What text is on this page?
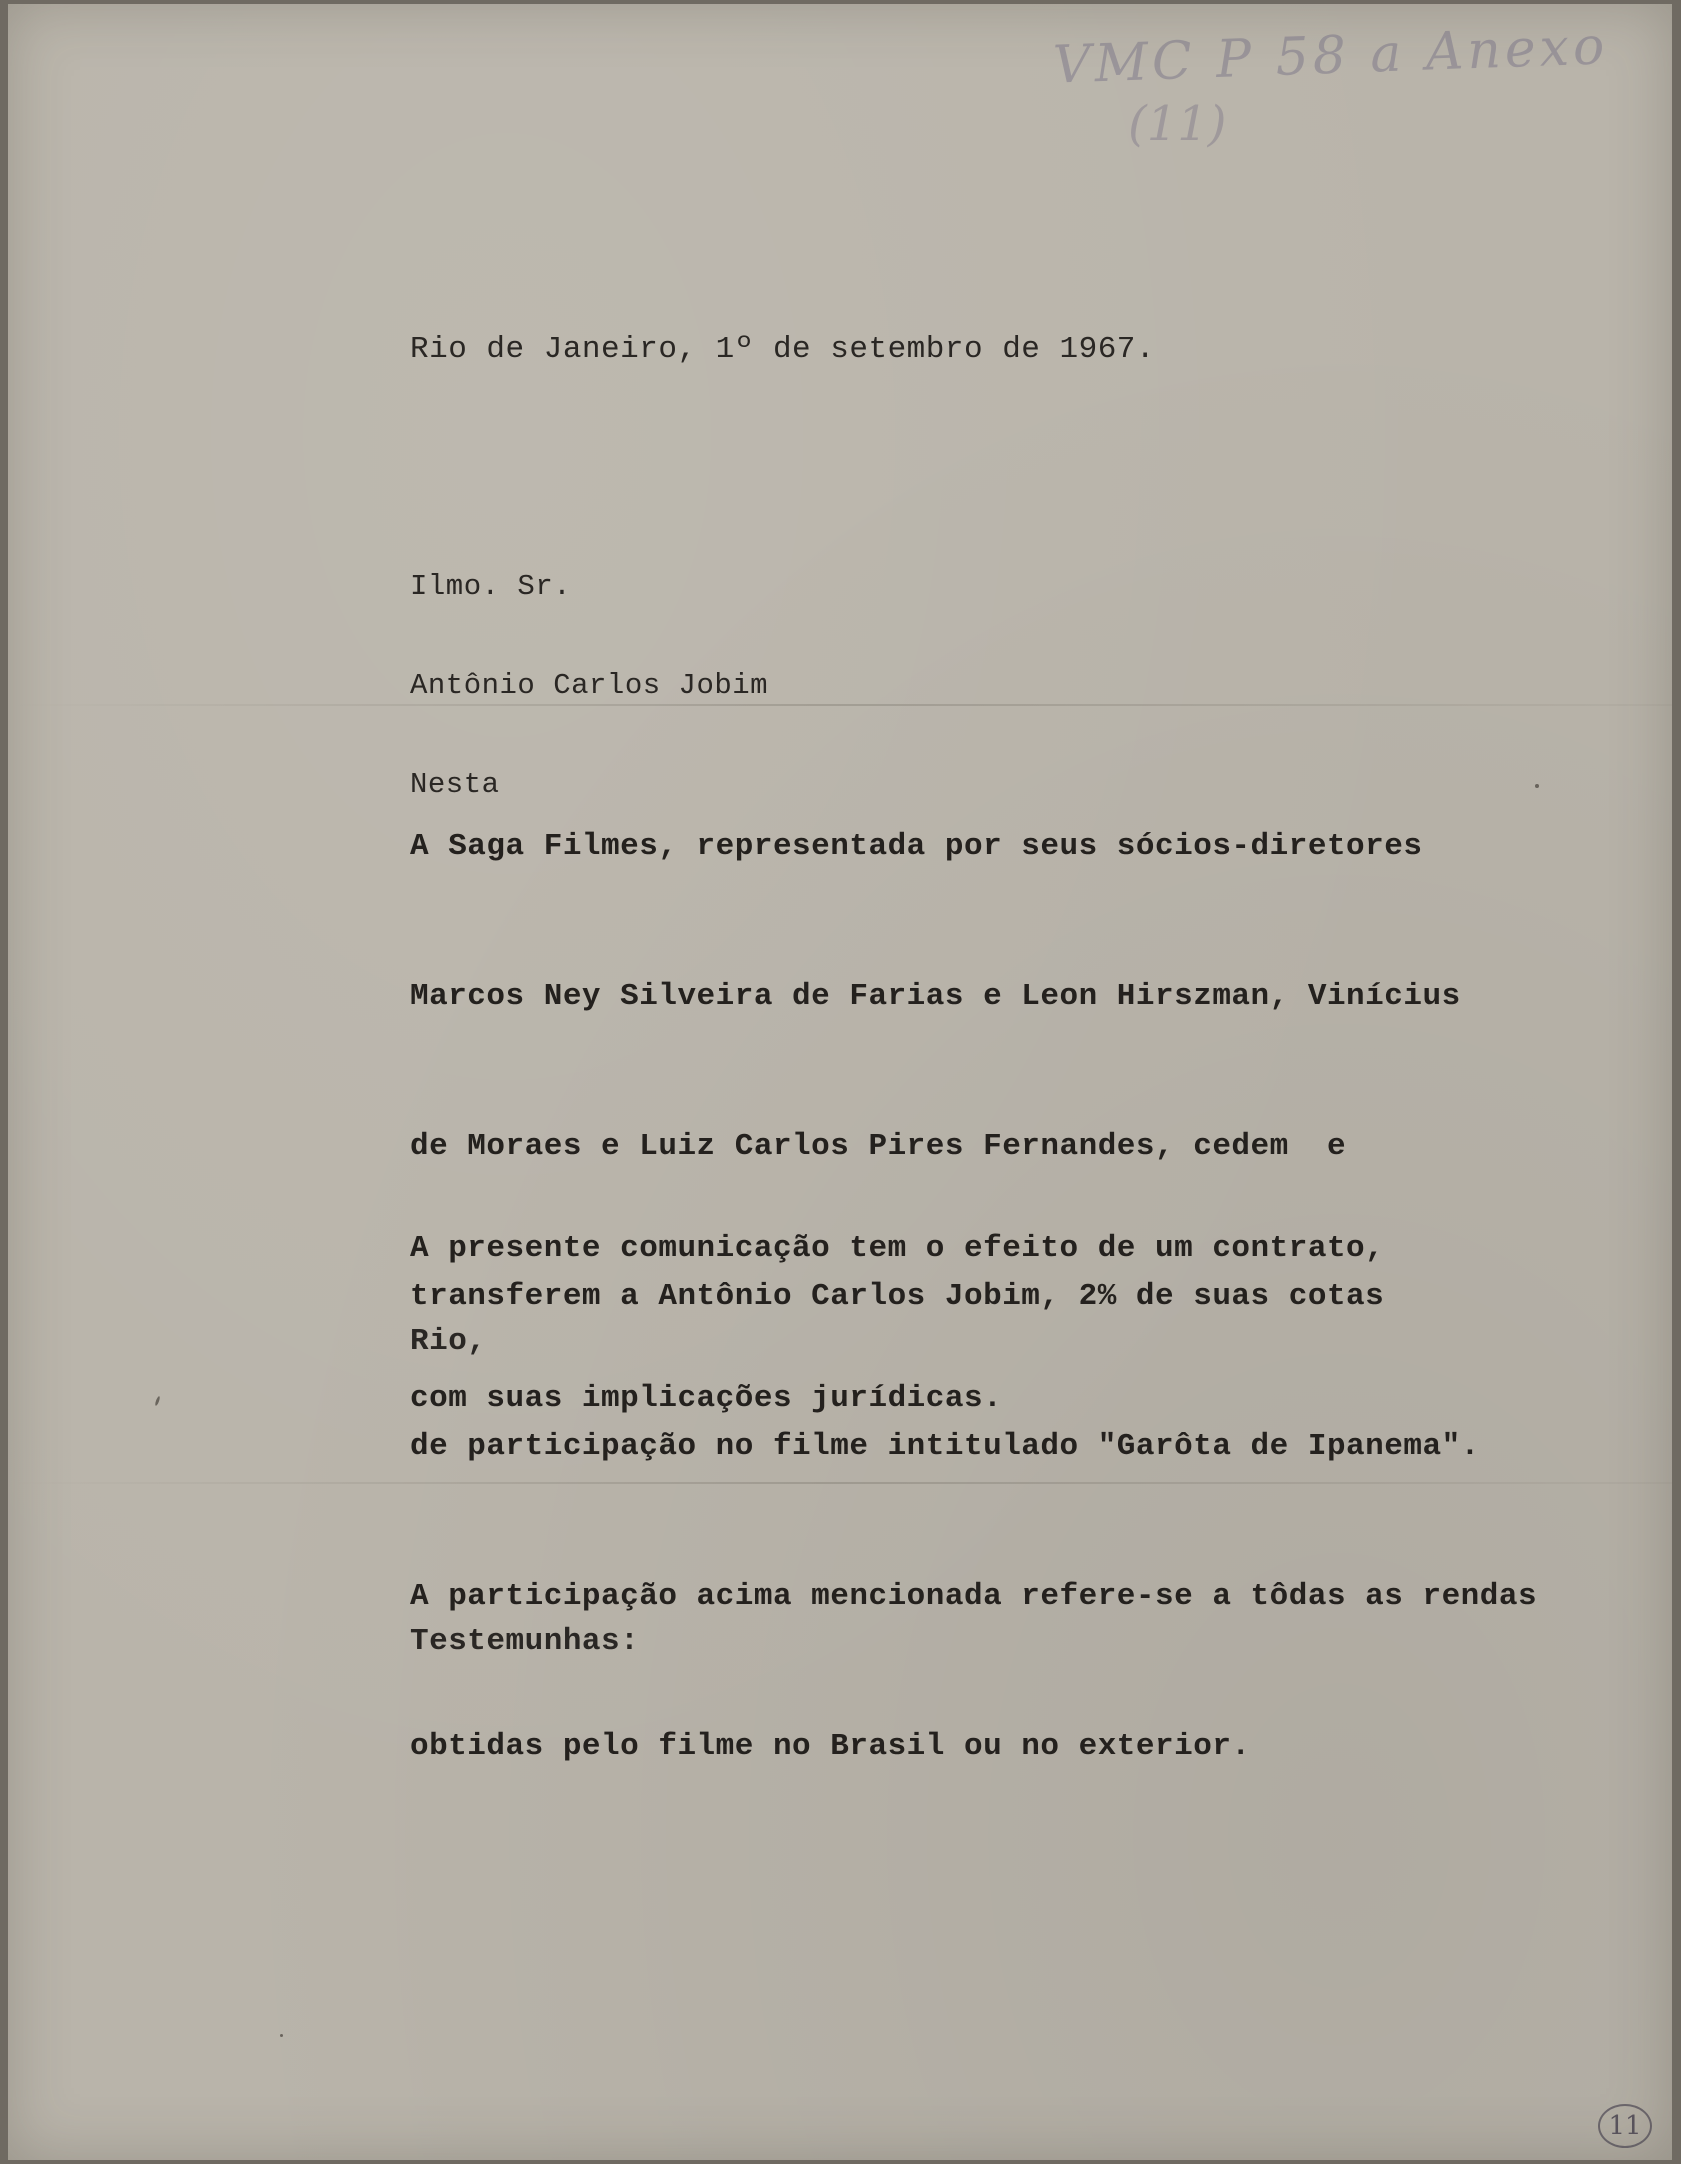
VMC P 58 a Anexo
(11)
Rio de Janeiro, 1º de setembro de 1967.

Ilmo. Sr.

Antônio Carlos Jobim

Nesta

A Saga Filmes, representada por seus sócios-diretores

Marcos Ney Silveira de Farias e Leon Hirszman, Vinícius

de Moraes e Luiz Carlos Pires Fernandes, cedem  e

transferem a Antônio Carlos Jobim, 2% de suas cotas

de participação no filme intitulado "Garôta de Ipanema".

A participação acima mencionada refere-se a tôdas as rendas

obtidas pelo filme no Brasil ou no exterior.

A presente comunicação tem o efeito de um contrato,

com suas implicações jurídicas.

Rio,
Testemunhas:
11
